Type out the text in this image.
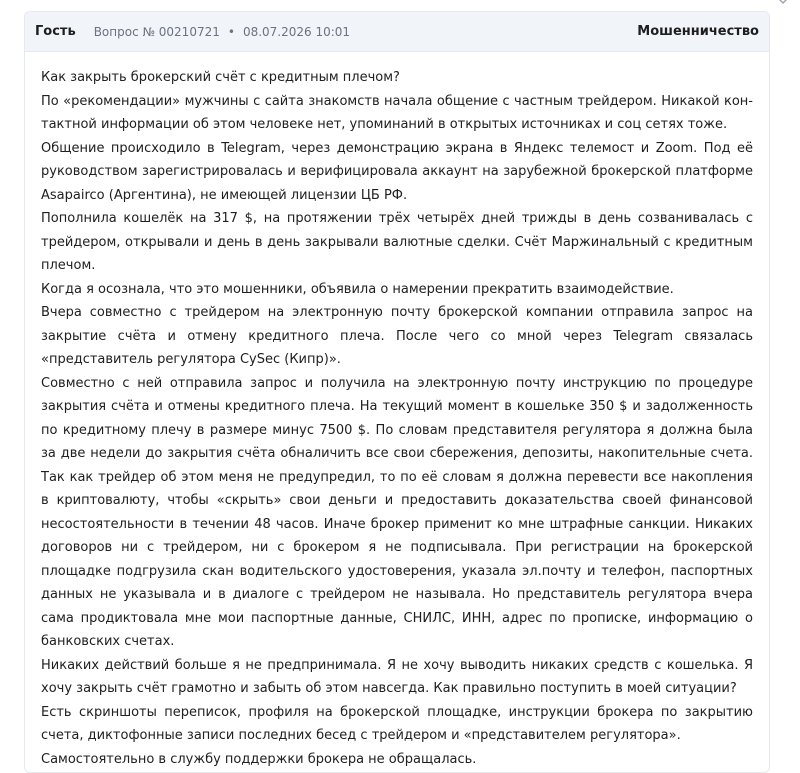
Гость Вопрос № 00210721 • 08.07.2026 10:01	Мошенничество

Как закрыть брокерский счёт с кредитным плечом?

По «рекомендации» мужчины с сайта знакомств начала общение с частным трейдером. Никакой контактной информации об этом человеке нет, упоминаний в открытых источниках и соц сетях тоже.

Общение происходило в Telegram, через демонстрацию экрана в Яндекс телемост и Zoom. Под её руководством зарегистрировалась и верифицировала аккаунт на зарубежной брокерской платформе Asapairco (Аргентина), не имеющей лицензии ЦБ РФ.

Пополнила кошелёк на 317 $, на протяжении трёх четырёх дней трижды в день созванивалась с трейдером, открывали и день в день закрывали валютные сделки. Счёт Маржинальный с кредитным плечом.

Когда я осознала, что это мошенники, объявила о намерении прекратить взаимодействие.

Вчера совместно с трейдером на электронную почту брокерской компании отправила запрос на закрытие счёта и отмену кредитного плеча. После чего со мной через Telegram связалась «представитель регулятора CySec (Кипр)».

Совместно с ней отправила запрос и получила на электронную почту инструкцию по процедуре закрытия счёта и отмены кредитного плеча. На текущий момент в кошельке 350 $ и задолженность по кредитному плечу в размере минус 7500 $. По словам представителя регулятора я должна была за две недели до закрытия счёта обналичить все свои сбережения, депозиты, накопительные счета. Так как трейдер об этом меня не предупредил, то по её словам я должна перевести все накопления в криптовалюту, чтобы «скрыть» свои деньги и предоставить доказательства своей финансовой несостоятельности в течении 48 часов. Иначе брокер применит ко мне штрафные санкции. Никаких договоров ни с трейдером, ни с брокером я не подписывала. При регистрации на брокерской площадке подгрузила скан водительского удостоверения, указала эл.почту и телефон, паспортных данных не указывала и в диалоге с трейдером не называла. Но представитель регулятора вчера сама продиктовала мне мои паспортные данные, СНИЛС, ИНН, адрес по прописке, информацию о банковских счетах.

Никаких действий больше я не предпринимала. Я не хочу выводить никаких средств с кошелька. Я хочу закрыть счёт грамотно и забыть об этом навсегда. Как правильно поступить в моей ситуации?

Есть скриншоты переписок, профиля на брокерской площадке, инструкции брокера по закрытию счета, диктофонные записи последних бесед с трейдером и «представителем регулятора».

Самостоятельно в службу поддержки брокера не обращалась.
